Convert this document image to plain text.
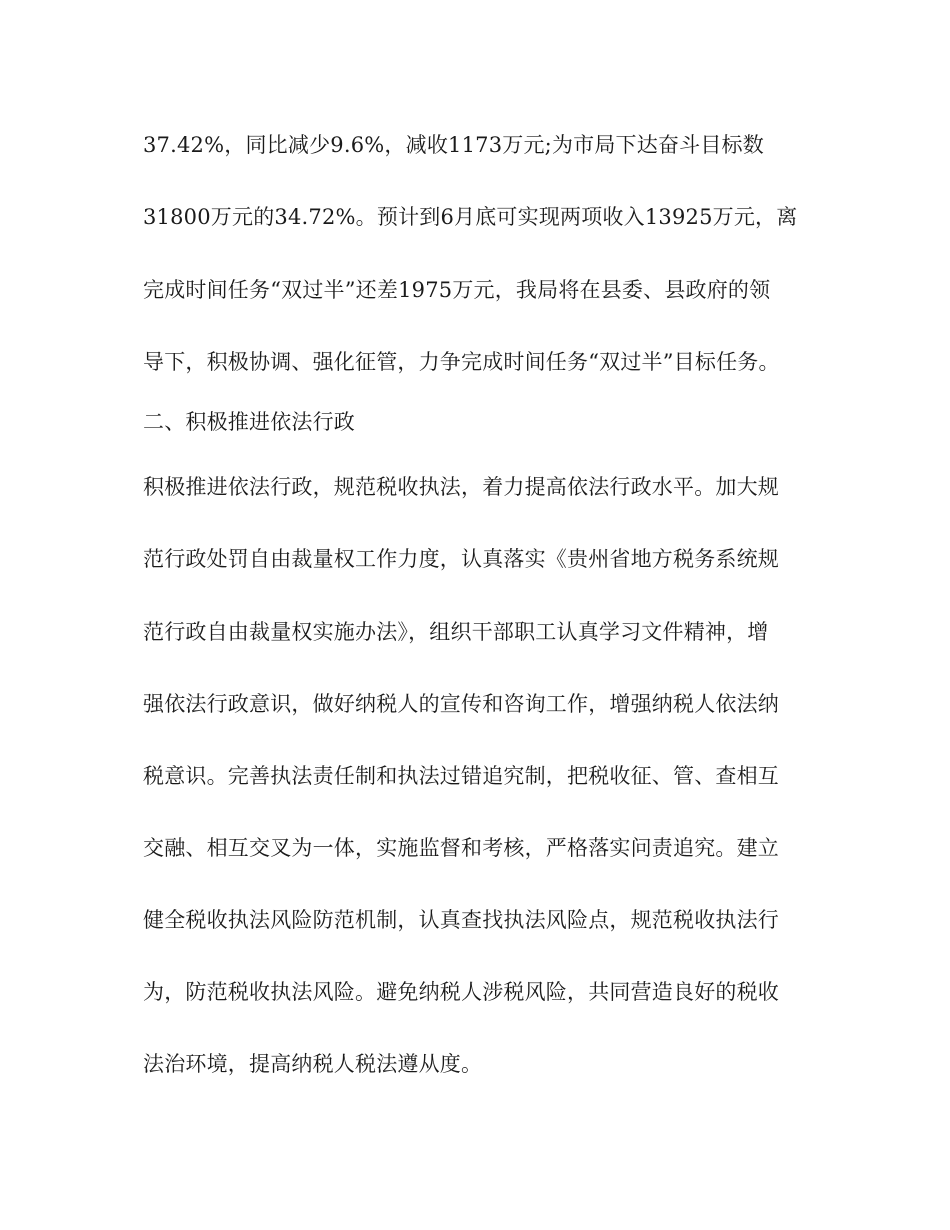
37.42%，同比减少9.6%，减收1173万元;为市局下达奋斗目标数
31800万元的34.72%。预计到6月底可实现两项收入13925万元，离
完成时间任务“双过半”还差1975万元，我局将在县委、县政府的领
导下，积极协调、强化征管，力争完成时间任务“双过半”目标任务。
二、积极推进依法行政
积极推进依法行政，规范税收执法，着力提高依法行政水平。加大规
范行政处罚自由裁量权工作力度，认真落实《贵州省地方税务系统规
范行政自由裁量权实施办法》，组织干部职工认真学习文件精神，增
强依法行政意识，做好纳税人的宣传和咨询工作，增强纳税人依法纳
税意识。完善执法责任制和执法过错追究制，把税收征、管、查相互
交融、相互交叉为一体，实施监督和考核，严格落实问责追究。建立
健全税收执法风险防范机制，认真查找执法风险点，规范税收执法行
为，防范税收执法风险。避免纳税人涉税风险，共同营造良好的税收
法治环境，提高纳税人税法遵从度。
